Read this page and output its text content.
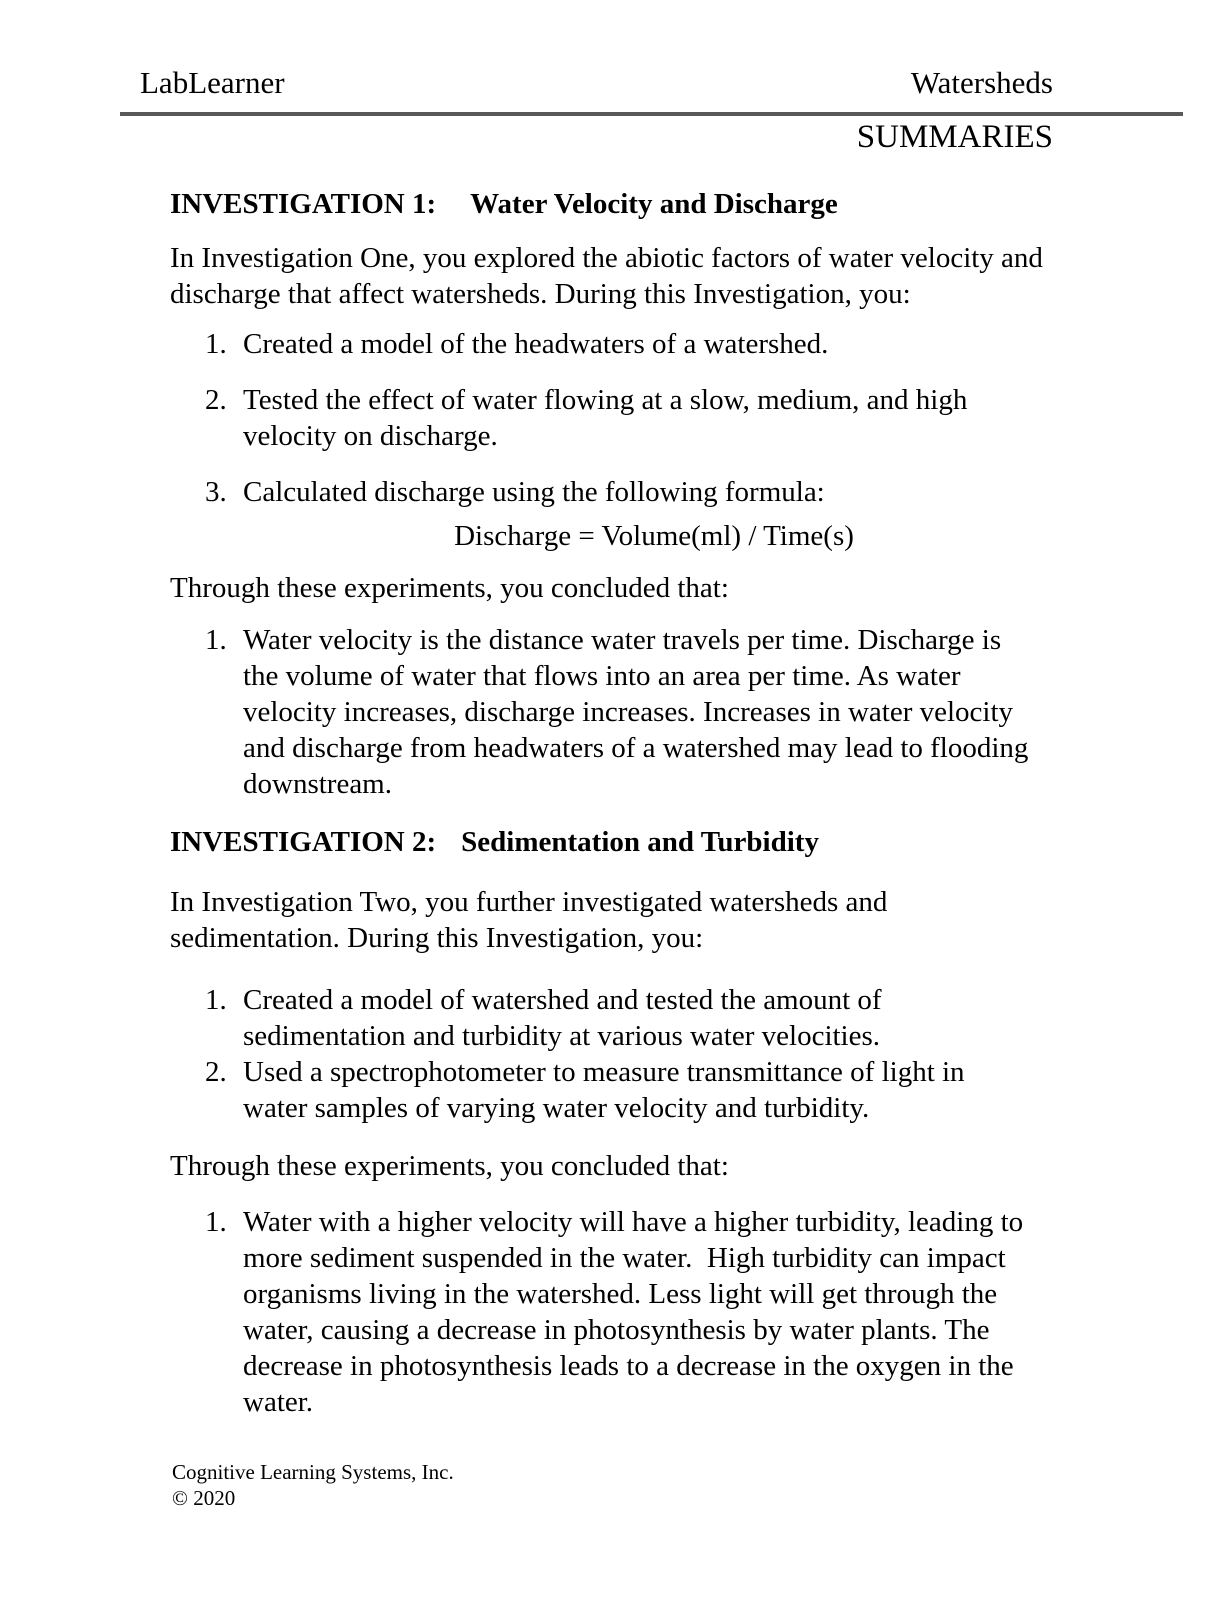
LabLearner	Watersheds
SUMMARIES
INVESTIGATION 1: Water Velocity and Discharge

In Investigation One, you explored the abiotic factors of water velocity and discharge that affect watersheds. During this Investigation, you:

Created a model of the headwaters of a watershed.
Tested the effect of water flowing at a slow, medium, and high velocity on discharge.
Calculated discharge using the following formula:

Discharge = Volume(ml) / Time(s)

Through these experiments, you concluded that:

Water velocity is the distance water travels per time. Discharge is the volume of water that flows into an area per time. As water velocity increases, discharge increases. Increases in water velocity and discharge from headwaters of a watershed may lead to flooding downstream.
INVESTIGATION 2: Sedimentation and Turbidity

In Investigation Two, you further investigated watersheds and sedimentation. During this Investigation, you:

Created a model of watershed and tested the amount of sedimentation and turbidity at various water velocities.
Used a spectrophotometer to measure transmittance of light in water samples of varying water velocity and turbidity.

Through these experiments, you concluded that:

Water with a higher velocity will have a higher turbidity, leading to more sediment suspended in the water.  High turbidity can impact organisms living in the watershed. Less light will get through the water, causing a decrease in photosynthesis by water plants. The decrease in photosynthesis leads to a decrease in the oxygen in the water.
Cognitive Learning Systems, Inc.
© 2020
